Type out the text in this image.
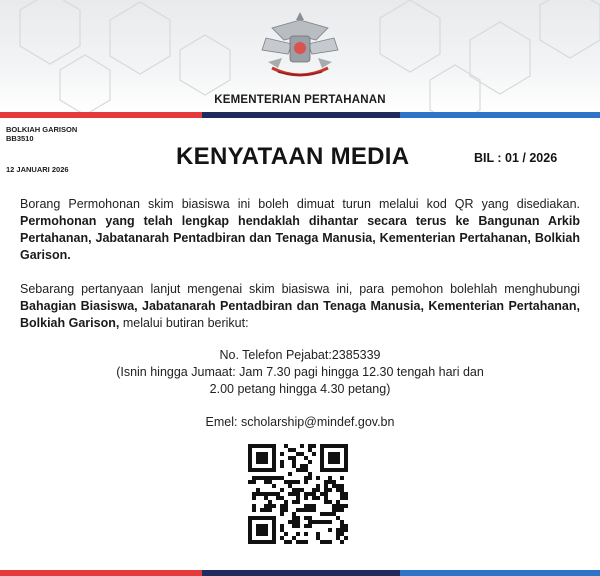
KEMENTERIAN PERTAHANAN
BOLKIAH GARISON
BB3510
12 JANUARI 2026	KENYATAAN MEDIA	BIL : 01 / 2026
Borang Permohonan skim biasiswa ini boleh dimuat turun melalui kod QR yang disediakan. Permohonan yang telah lengkap hendaklah dihantar secara terus ke Bangunan Arkib Pertahanan, Jabatanarah Pentadbiran dan Tenaga Manusia, Kementerian Pertahanan, Bolkiah Garison.
Sebarang pertanyaan lanjut mengenai skim biasiswa ini, para pemohon bolehlah menghubungi Bahagian Biasiswa, Jabatanarah Pentadbiran dan Tenaga Manusia, Kementerian Pertahanan, Bolkiah Garison, melalui butiran berikut:
No. Telefon Pejabat:2385339
(Isnin hingga Jumaat: Jam 7.30 pagi hingga 12.30 tengah hari dan
2.00 petang hingga 4.30 petang)
Emel: scholarship@mindef.gov.bn
